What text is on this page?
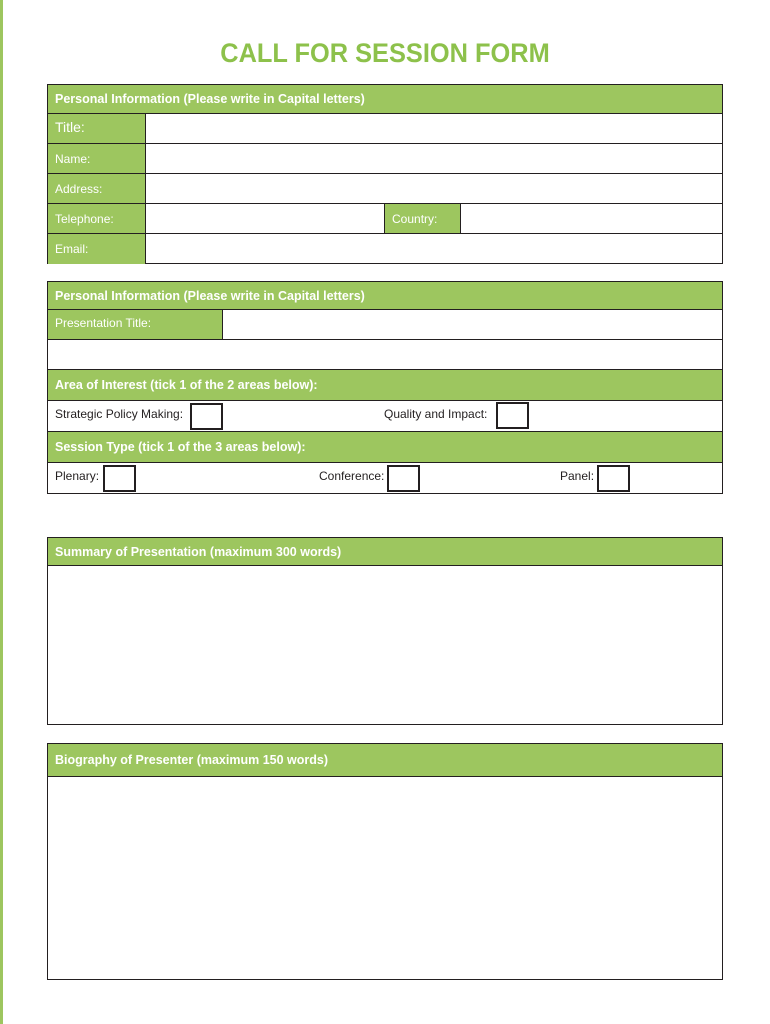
CALL FOR SESSION FORM
Personal Information (Please write in Capital letters)
Title:
Name:
Address:
Telephone:	Country:
Email:
Personal Information (Please write in Capital letters)
Presentation Title:
Area of Interest (tick 1 of the 2 areas below):
Strategic Policy Making:	Quality and Impact:
Session Type (tick 1 of the 3 areas below):
Plenary:	Conference:	Panel:
Summary of Presentation (maximum 300 words)
Biography of Presenter (maximum 150 words)
